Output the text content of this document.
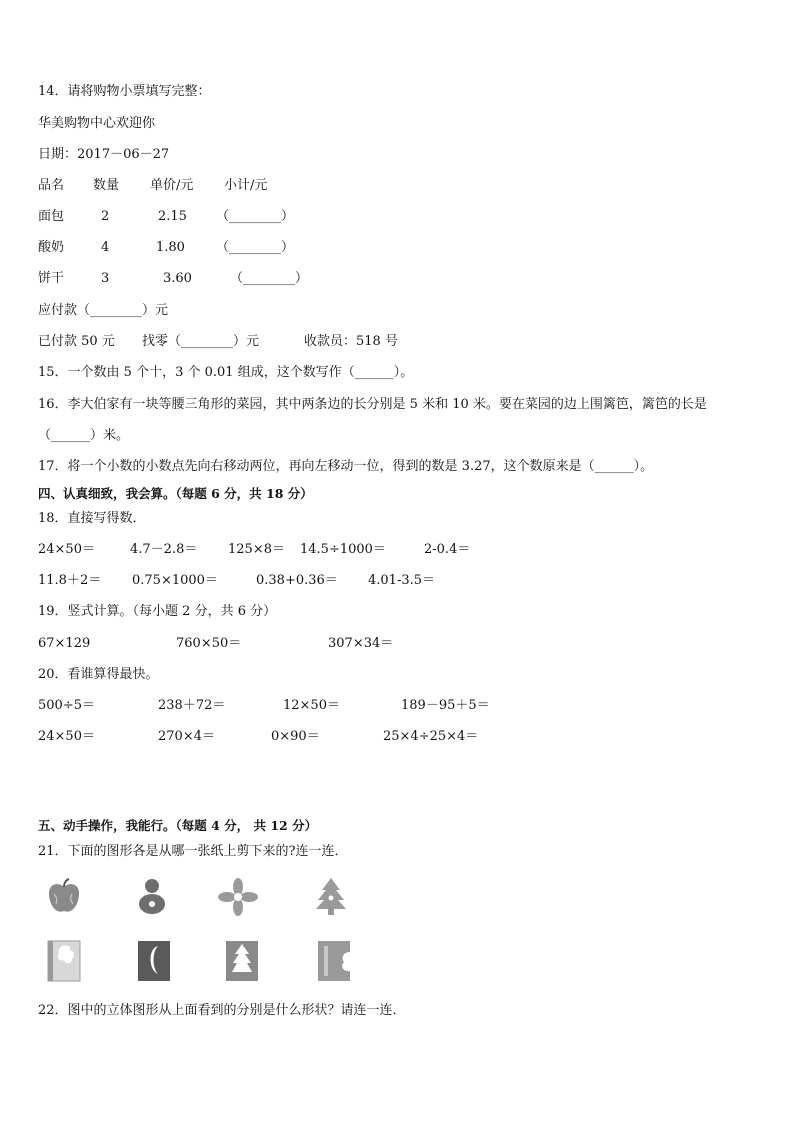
14．请将购物小票填写完整：
华美购物中心欢迎你
日期：2017－06－27
品名 数量 单价/元 小计/元
面包	2	2.15 （________）
酸奶	4	1.80 （________）
饼干	3	3.60	（________）
应付款（________）元
已付款 50 元 找零（________）元	收款员：518 号
15．一个数由 5 个十，3 个 0.01 组成，这个数写作（______）。
16．李大伯家有一块等腰三角形的菜园，其中两条边的长分别是 5 米和 10 米。要在菜园的边上围篱笆，篱笆的长是
（______）米。
17．将一个小数的小数点先向右移动两位，再向左移动一位，得到的数是 3.27，这个数原来是（______）。
四、认真细致，我会算。（每题 6 分，共 18 分）
18．直接写得数．
24×50＝	4.7－2.8＝ 125×8＝ 14.5÷1000＝	2-0.4＝
11.8＋2＝ 0.75×1000＝	0.38+0.36＝ 4.01-3.5＝
19．竖式计算。（每小题 2 分，共 6 分）
67×129	760×50＝	307×34＝
20．看谁算得最快。
500÷5＝	238＋72＝	12×50＝	189－95＋5＝
24×50＝	270×4＝	0×90＝	25×4÷25×4＝
五、动手操作，我能行。（每题 4 分， 共 12 分）
21．下面的图形各是从哪一张纸上剪下来的?连一连．
22．图中的立体图形从上面看到的分别是什么形状？请连一连．
